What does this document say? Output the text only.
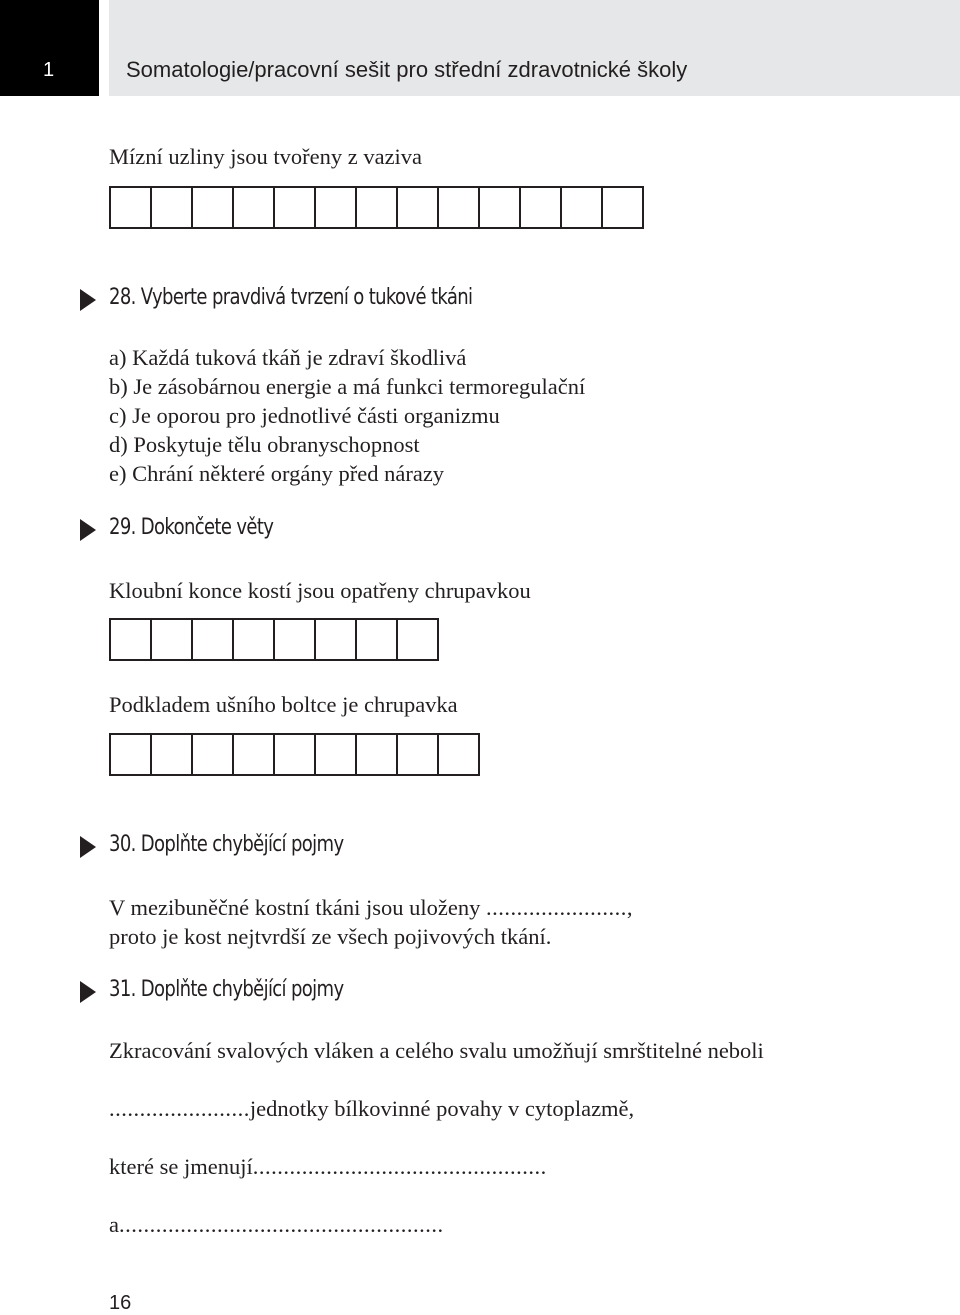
1	Somatologie/pracovní sešit pro střední zdravotnické školy
Mízní uzliny jsou tvořeny z vaziva
28. Vyberte pravdivá tvrzení o tukové tkáni
a) Každá tuková tkáň je zdraví škodlivá
b) Je zásobárnou energie a má funkci termoregulační
c) Je oporou pro jednotlivé části organizmu
d) Poskytuje tělu obranyschopnost
e) Chrání některé orgány před nárazy
29. Dokončete věty
Kloubní konce kostí jsou opatřeny chrupavkou
Podkladem ušního boltce je chrupavka
30. Doplňte chybějící pojmy
V mezibuněčné kostní tkáni jsou uloženy .......................,
proto je kost nejtvrdší ze všech pojivových tkání.
31. Doplňte chybějící pojmy
Zkracování svalových vláken a celého svalu umožňují smrštitelné neboli
.......................jednotky bílkovinné povahy v cytoplazmě,
které se jmenují................................................
a.....................................................
16
